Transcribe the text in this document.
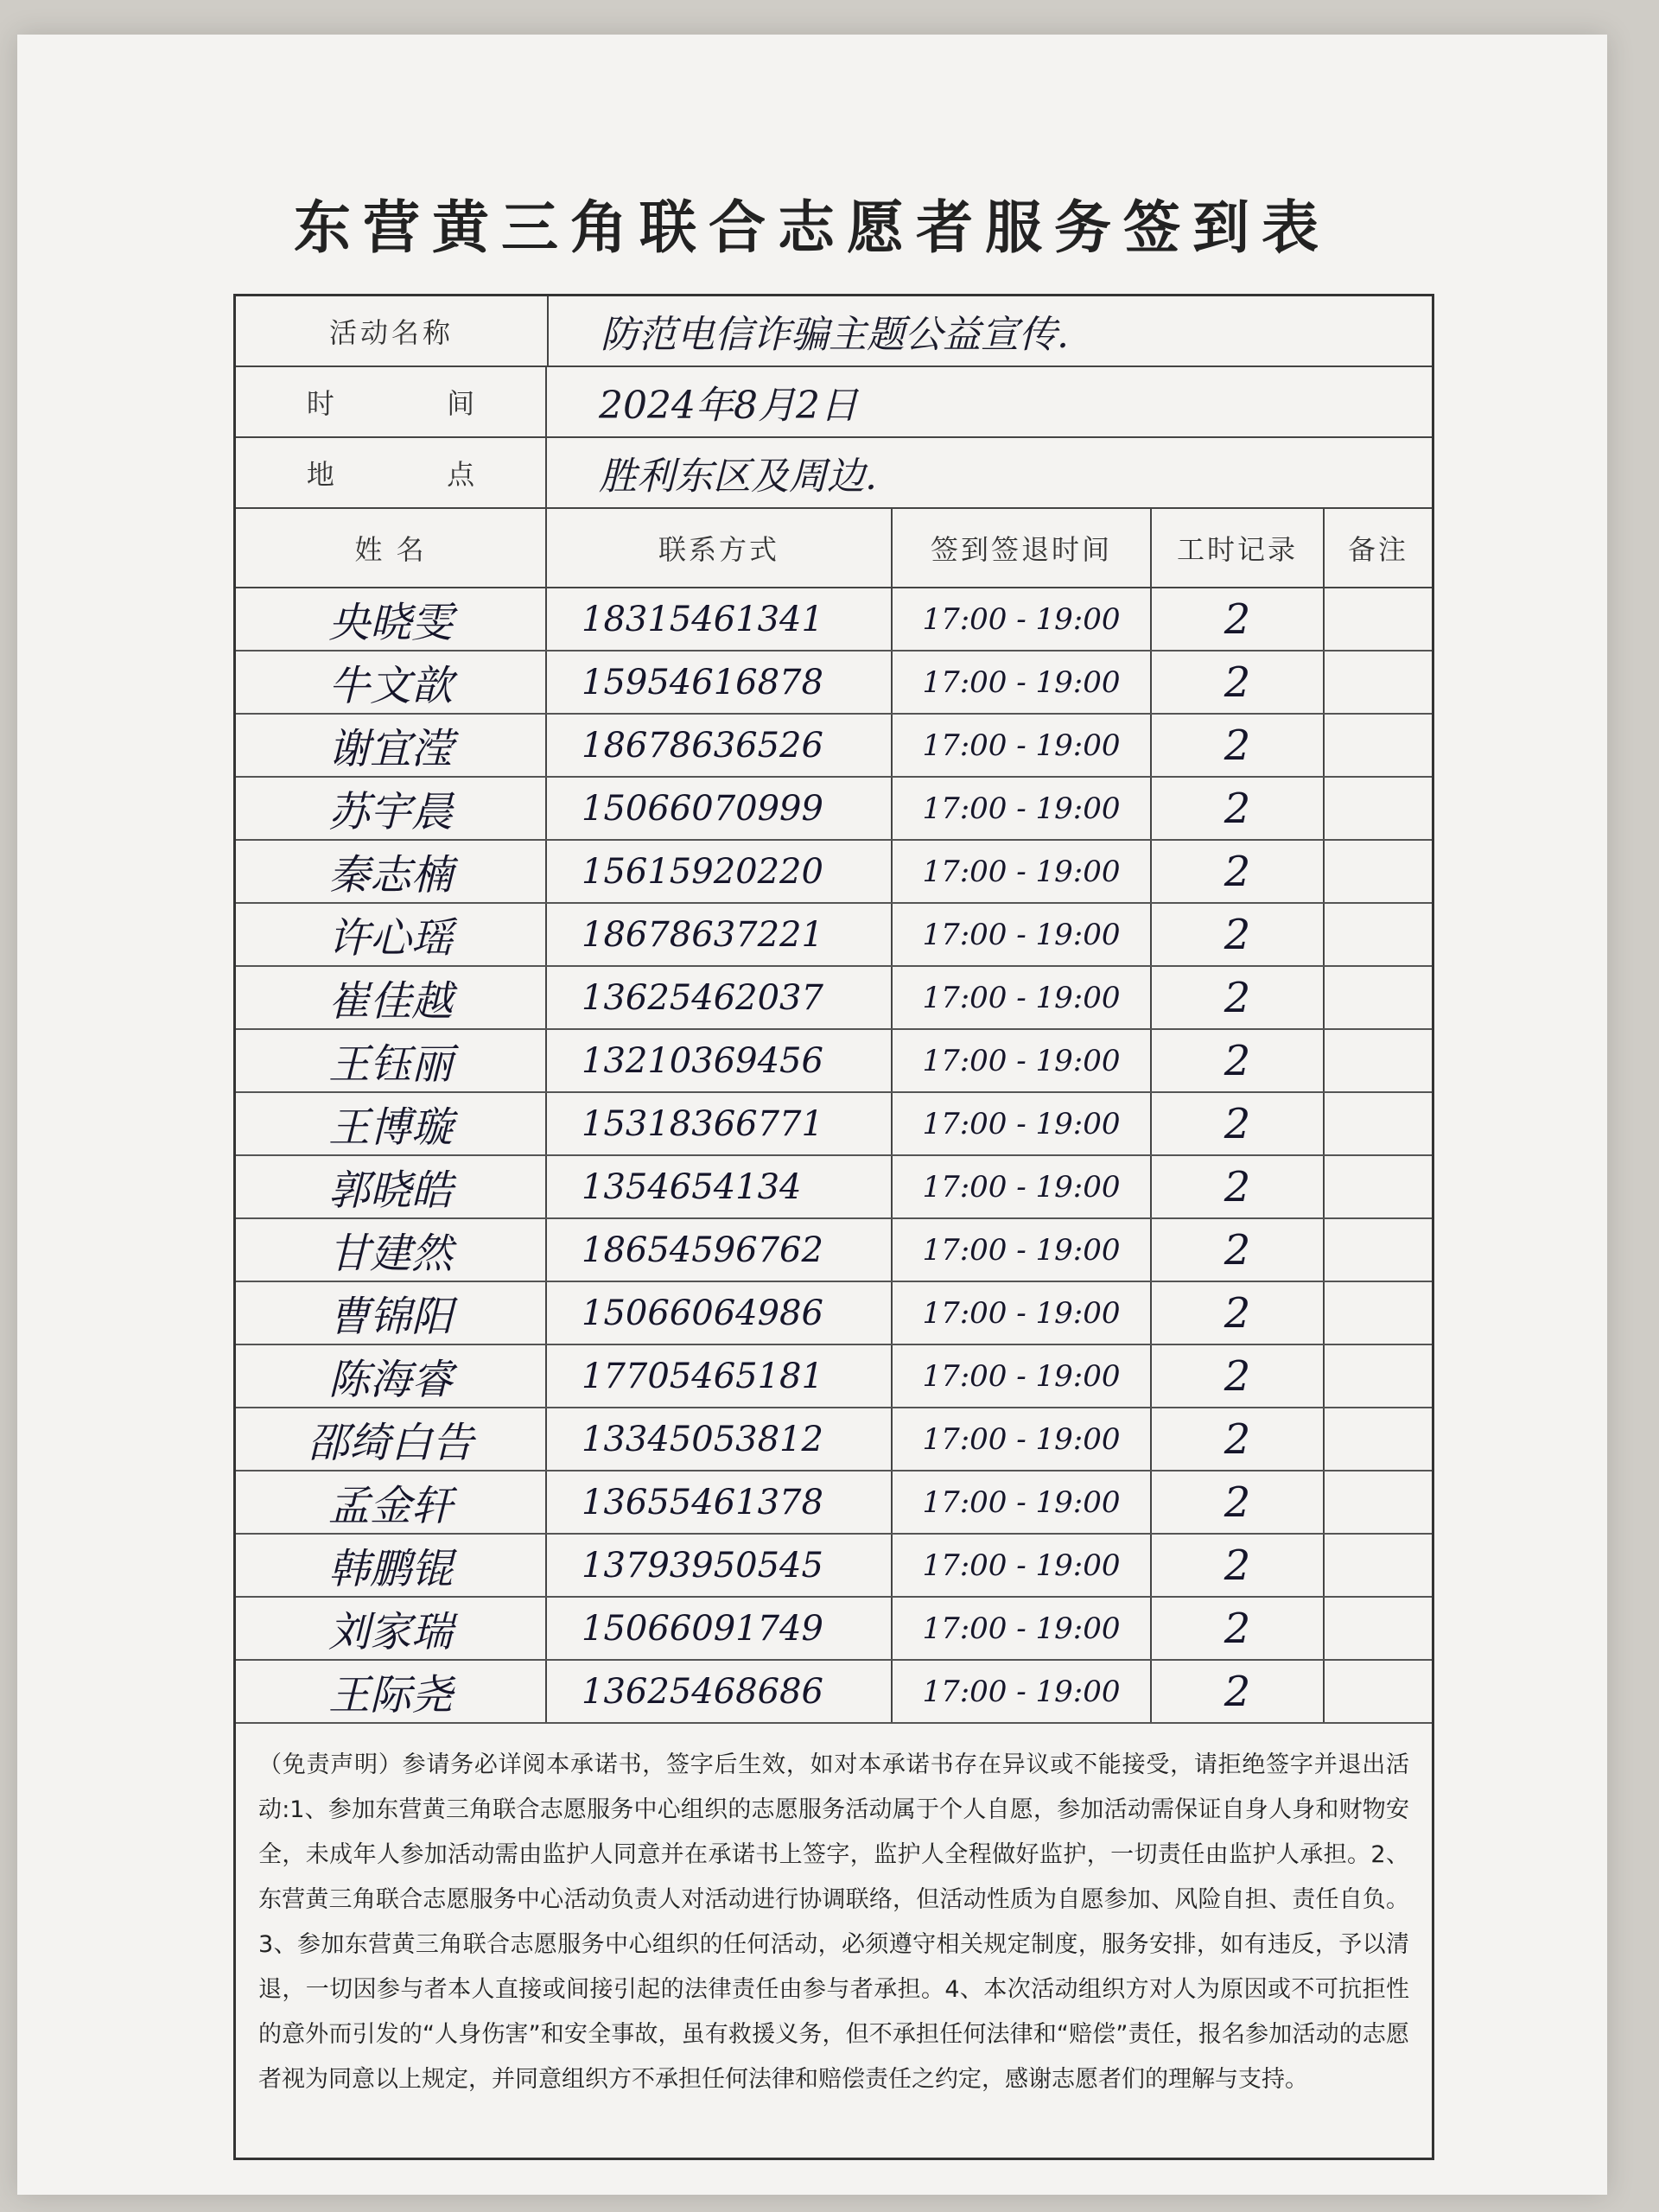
东营黄三角联合志愿者服务签到表
活动名称	防范电信诈骗主题公益宣传.
时 间	2024年8月2日
地 点	胜利东区及周边.
姓 名	联系方式	签到签退时间	工时记录	备注
央晓雯	18315461341	17:00 - 19:00	2
牛文歆	15954616878	17:00 - 19:00	2
谢宜滢	18678636526	17:00 - 19:00	2
苏宇晨	15066070999	17:00 - 19:00	2
秦志楠	15615920220	17:00 - 19:00	2
许心瑶	18678637221	17:00 - 19:00	2
崔佳越	13625462037	17:00 - 19:00	2
王钰丽	13210369456	17:00 - 19:00	2
王博璇	15318366771	17:00 - 19:00	2
郭晓皓	1354654134	17:00 - 19:00	2
甘建然	18654596762	17:00 - 19:00	2
曹锦阳	15066064986	17:00 - 19:00	2
陈海睿	17705465181	17:00 - 19:00	2
邵绮白告	13345053812	17:00 - 19:00	2
孟金轩	13655461378	17:00 - 19:00	2
韩鹏锟	13793950545	17:00 - 19:00	2
刘家瑞	15066091749	17:00 - 19:00	2
王际尧	13625468686	17:00 - 19:00	2
（免责声明）参请务必详阅本承诺书，签字后生效，如对本承诺书存在异议或不能接受，请拒绝签字并退出活动:1、参加东营黄三角联合志愿服务中心组织的志愿服务活动属于个人自愿，参加活动需保证自身人身和财物安全，未成年人参加活动需由监护人同意并在承诺书上签字，监护人全程做好监护，一切责任由监护人承担。2、东营黄三角联合志愿服务中心活动负责人对活动进行协调联络，但活动性质为自愿参加、风险自担、责任自负。3、参加东营黄三角联合志愿服务中心组织的任何活动，必须遵守相关规定制度，服务安排，如有违反，予以清退，一切因参与者本人直接或间接引起的法律责任由参与者承担。4、本次活动组织方对人为原因或不可抗拒性的意外而引发的“人身伤害”和安全事故，虽有救援义务，但不承担任何法律和“赔偿”责任，报名参加活动的志愿者视为同意以上规定，并同意组织方不承担任何法律和赔偿责任之约定，感谢志愿者们的理解与支持。
